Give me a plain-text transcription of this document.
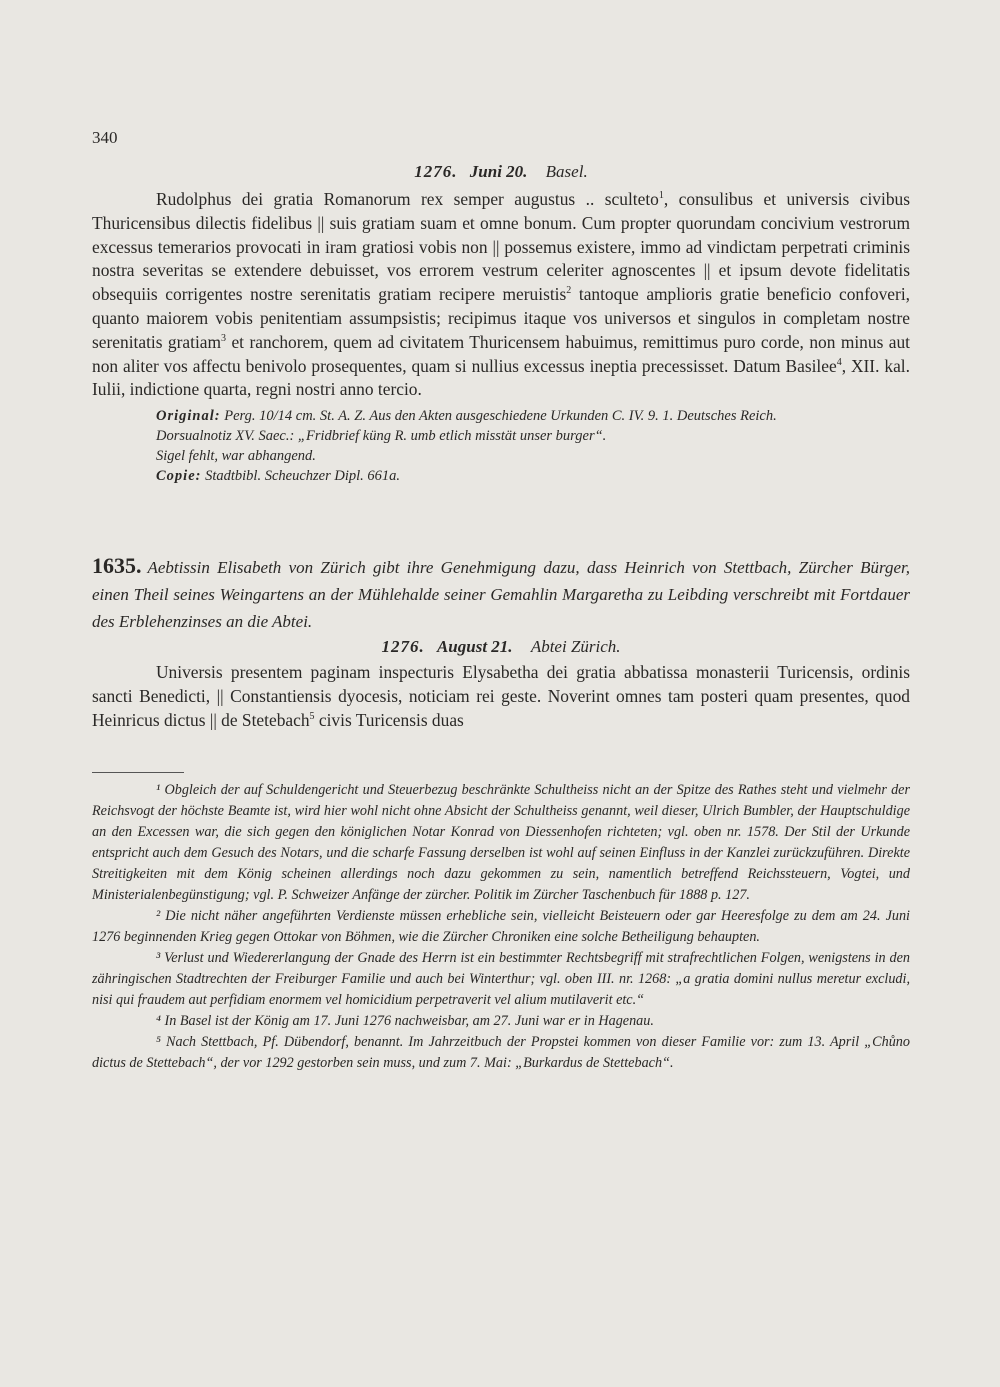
340
1276. Juni 20. Basel.
Rudolphus dei gratia Romanorum rex semper augustus .. sculteto$^1$, consulibus et universis civibus Thuricensibus dilectis fidelibus || suis gratiam suam et omne bonum. Cum propter quorundam concivium vestrorum excessus temerarios provocati in iram gratiosi vobis non || possemus existere, immo ad vindictam perpetrati criminis nostra severitas se extendere debuisset, vos errorem vestrum celeriter agnoscentes || et ipsum devote fidelitatis obsequiis corrigentes nostre serenitatis gratiam recipere meruistis$^2$ tantoque amplioris gratie beneficio confoveri, quanto maiorem vobis penitentiam assumpsistis; recipimus itaque vos universos et singulos in completam nostre serenitatis gratiam$^3$ et ranchorem, quem ad civitatem Thuricensem habuimus, remittimus puro corde, non minus aut non aliter vos affectu benivolo prosequentes, quam si nullius excessus ineptia precessisset. Datum Basilee$^4$, XII. kal. Iulii, indictione quarta, regni nostri anno tercio.
Original: Perg. 10/14 cm. St. A. Z. Aus den Akten ausgeschiedene Urkunden C. IV. 9. 1. Deutsches Reich.
Dorsualnotiz XV. Saec.: „Fridbrief küng R. umb etlich misstät unser burger“.
Sigel fehlt, war abhangend.
Copie: Stadtbibl. Scheuchzer Dipl. 661a.
1635. Aebtissin Elisabeth von Zürich gibt ihre Genehmigung dazu, dass Heinrich von Stettbach, Zürcher Bürger, einen Theil seines Weingartens an der Mühlehalde seiner Gemahlin Margaretha zu Leibding verschreibt mit Fortdauer des Erblehenzinses an die Abtei.
1276. August 21. Abtei Zürich.
Universis presentem paginam inspecturis Elysabetha dei gratia abbatissa monasterii Turicensis, ordinis sancti Benedicti, || Constantiensis dyocesis, noticiam rei geste. Noverint omnes tam posteri quam presentes, quod Heinricus dictus || de Stetebach$^5$ civis Turicensis duas

¹ Obgleich der auf Schuldengericht und Steuerbezug beschränkte Schultheiss nicht an der Spitze des Rathes steht und vielmehr der Reichsvogt der höchste Beamte ist, wird hier wohl nicht ohne Absicht der Schultheiss genannt, weil dieser, Ulrich Bumbler, der Hauptschuldige an den Excessen war, die sich gegen den königlichen Notar Konrad von Diessenhofen richteten; vgl. oben nr. 1578. Der Stil der Urkunde entspricht auch dem Gesuch des Notars, und die scharfe Fassung derselben ist wohl auf seinen Einfluss in der Kanzlei zurückzuführen. Direkte Streitigkeiten mit dem König scheinen allerdings noch dazu gekommen zu sein, namentlich betreffend Reichssteuern, Vogtei, und Ministerialenbegünstigung; vgl. P. Schweizer Anfänge der zürcher. Politik im Zürcher Taschenbuch für 1888 p. 127.

² Die nicht näher angeführten Verdienste müssen erhebliche sein, vielleicht Beisteuern oder gar Heeresfolge zu dem am 24. Juni 1276 beginnenden Krieg gegen Ottokar von Böhmen, wie die Zürcher Chroniken eine solche Betheiligung behaupten.

³ Verlust und Wiedererlangung der Gnade des Herrn ist ein bestimmter Rechtsbegriff mit strafrechtlichen Folgen, wenigstens in den zähringischen Stadtrechten der Freiburger Familie und auch bei Winterthur; vgl. oben III. nr. 1268: „a gratia domini nullus meretur excludi, nisi qui fraudem aut perfidiam enormem vel homicidium perpetraverit vel alium mutilaverit etc.“

⁴ In Basel ist der König am 17. Juni 1276 nachweisbar, am 27. Juni war er in Hagenau.

⁵ Nach Stettbach, Pf. Dübendorf, benannt. Im Jahrzeitbuch der Propstei kommen von dieser Familie vor: zum 13. April „Chůno dictus de Stettebach“, der vor 1292 gestorben sein muss, und zum 7. Mai: „Burkardus de Stettebach“.
